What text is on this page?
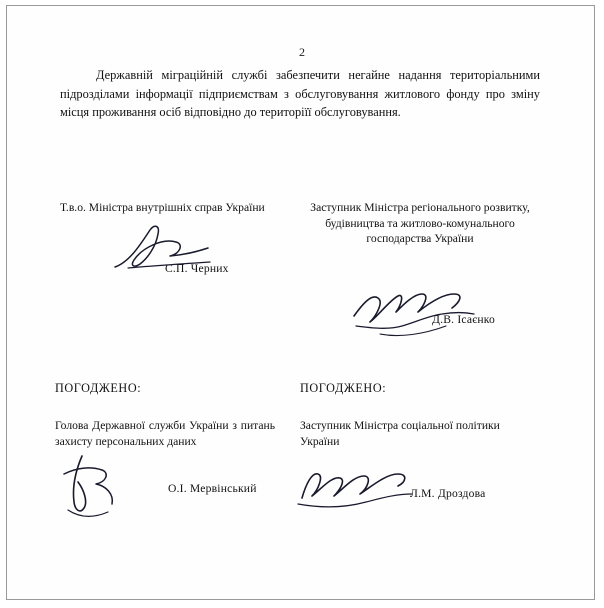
2
Державній міграційній службі забезпечити негайне надання територіальними підрозділами інформації підприємствам з обслуговування житлового фонду про зміну місця проживання осіб відповідно до територіїї обслуговування.
Т.в.о. Міністра внутрішніх справ України
С.П. Черних
Заступник Міністра регіонального розвитку, будівництва та житлово-комунального господарства України
Д.В. Ісаєнко
ПОГОДЖЕНО:
Голова Державної служби України з питань захисту персональних даних
О.І. Мервінський
ПОГОДЖЕНО:
Заступник Міністра соціальної політики України
Л.М. Дроздова
